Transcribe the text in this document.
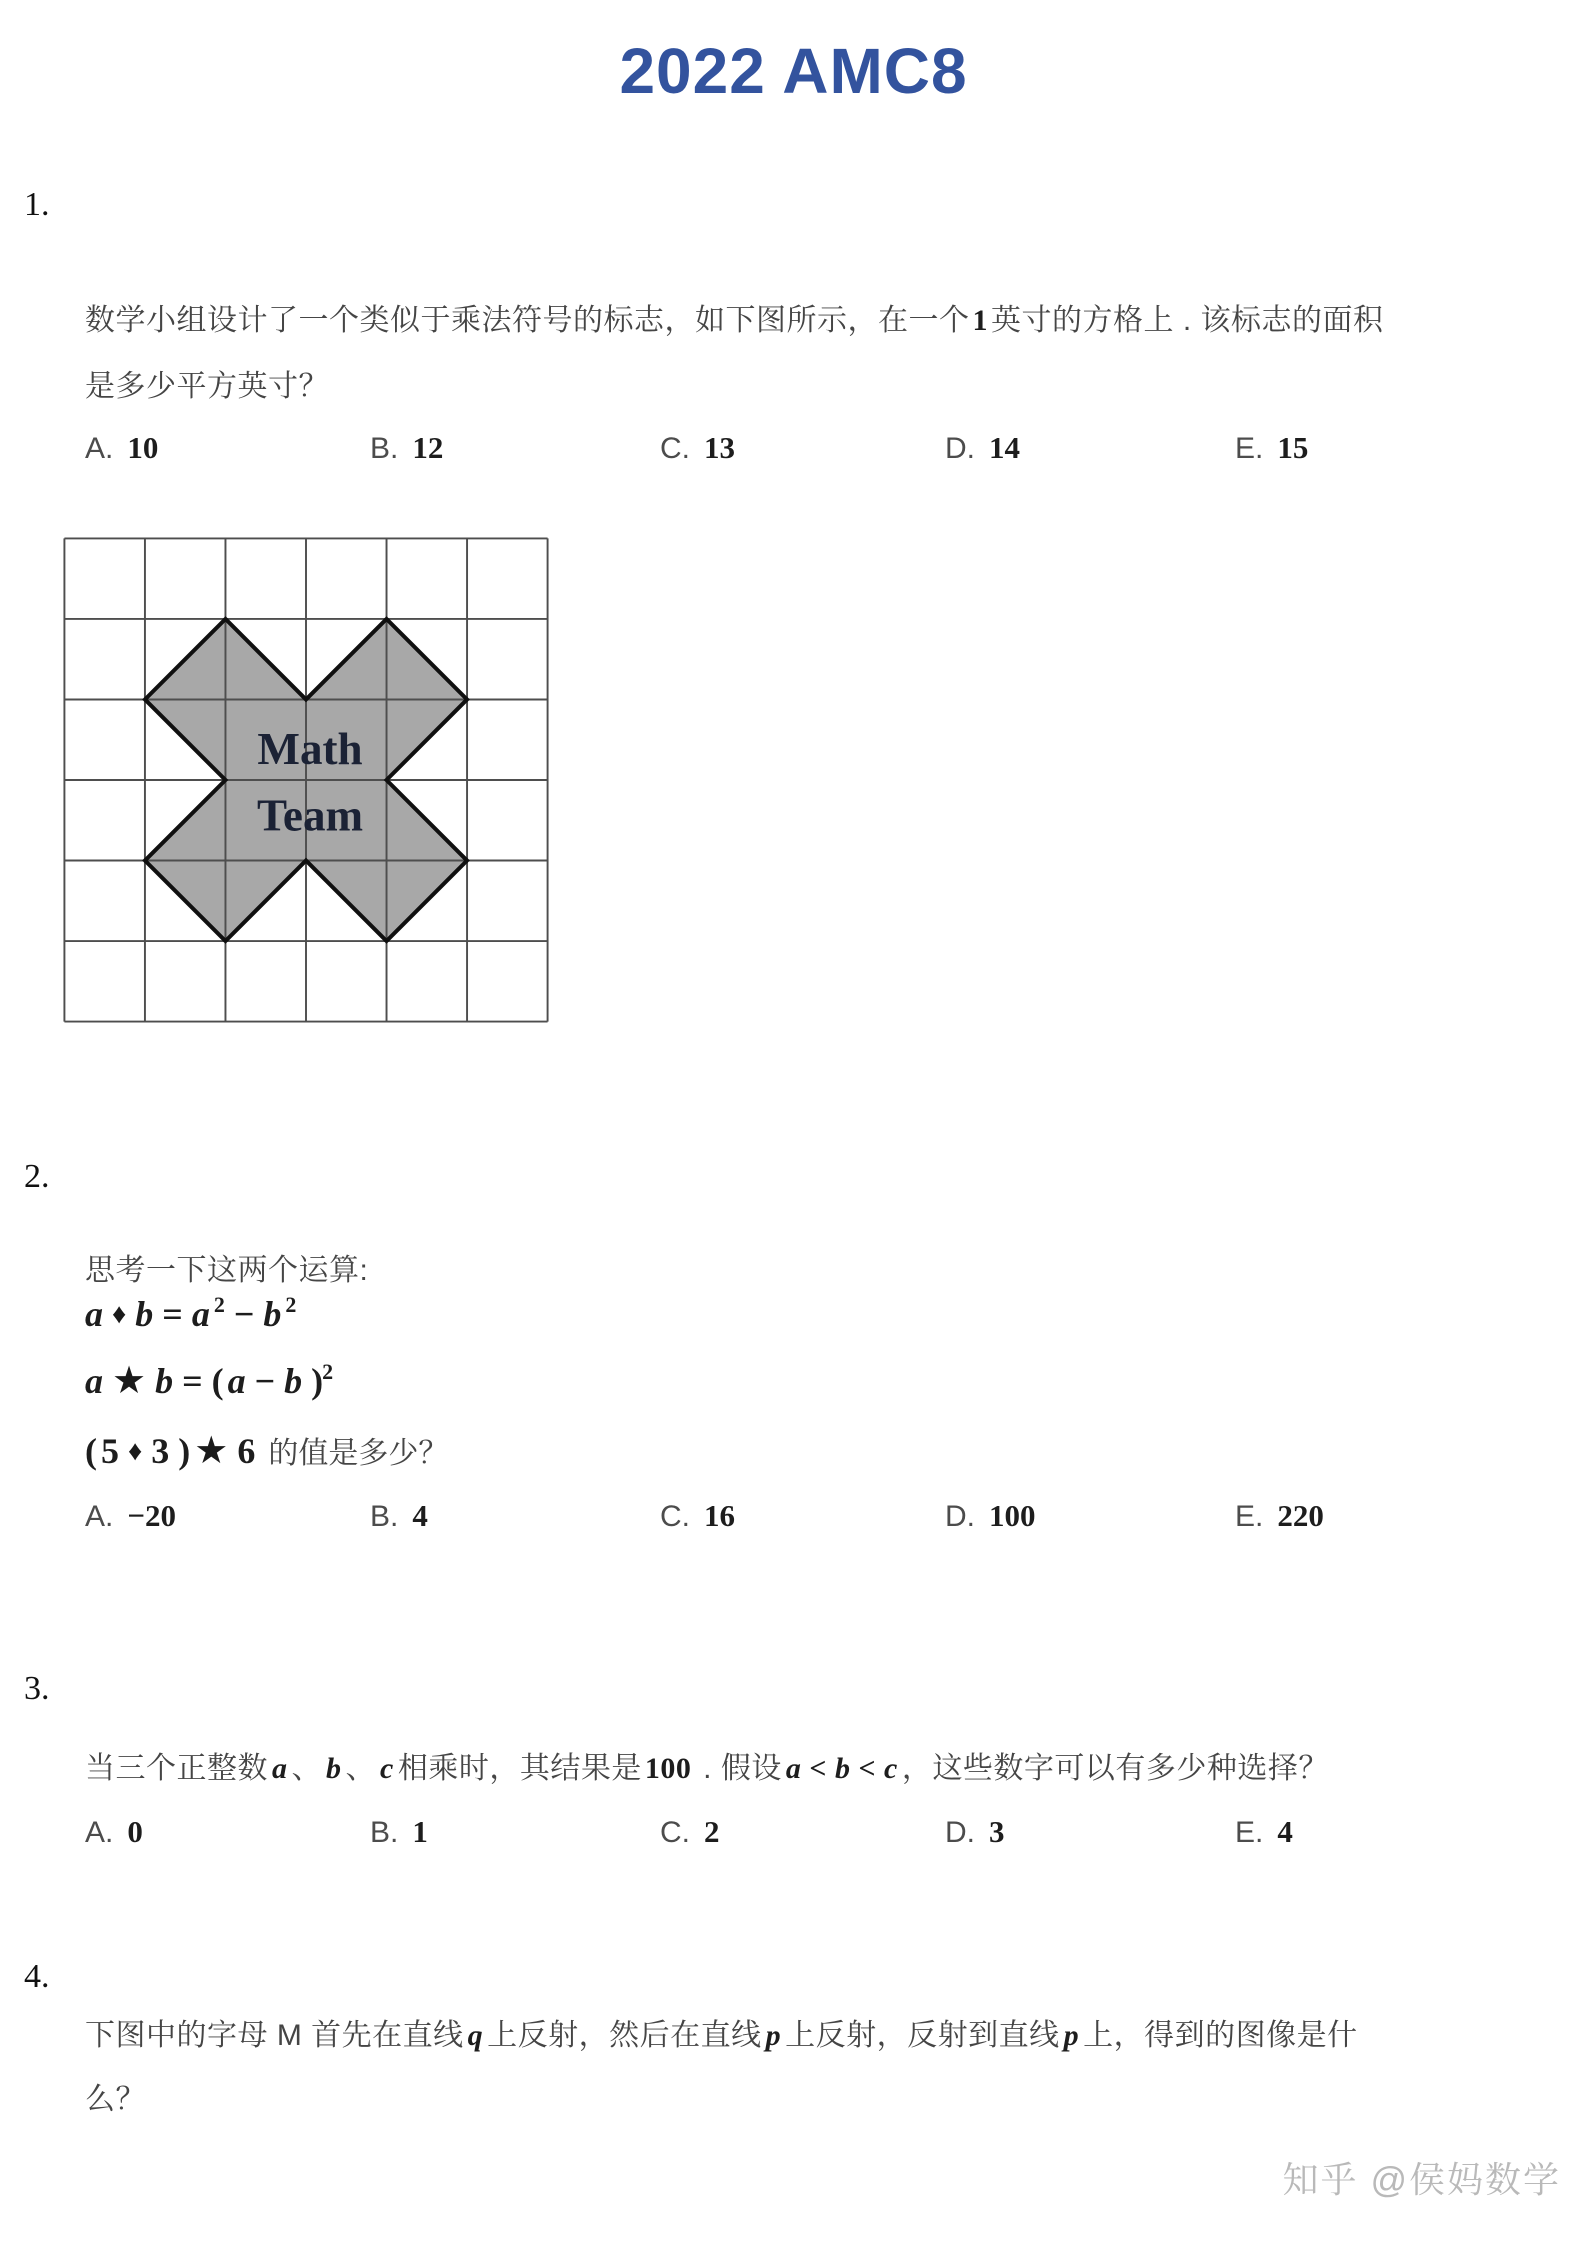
2022 AMC8
1.

数学小组设计了一个类似于乘法符号的标志，如下图所示，在一个 1 英寸的方格上 . 该标志的面积
是多少平方英寸？

A. 10	B. 12	C. 13	D. 14	E. 15
2.

思考一下这两个运算:

a ♦ b = a $^2$ − b $^2$

a ★ b = ( a − b )$^2$

( 5 ♦ 3 ) ★ 6 的值是多少？

A. −20	B. 4	C. 16	D. 100	E. 220
3.

当三个正整数 a 、 b 、 c 相乘时，其结果是 100 . 假设 a < b < c ，这些数字可以有多少种选择？

A. 0	B. 1	C. 2	D. 3	E. 4
4.

下图中的字母 M 首先在直线 q 上反射，然后在直线 p 上反射，反射到直线 p 上，得到的图像是什
么？

知乎 @侯妈数学
